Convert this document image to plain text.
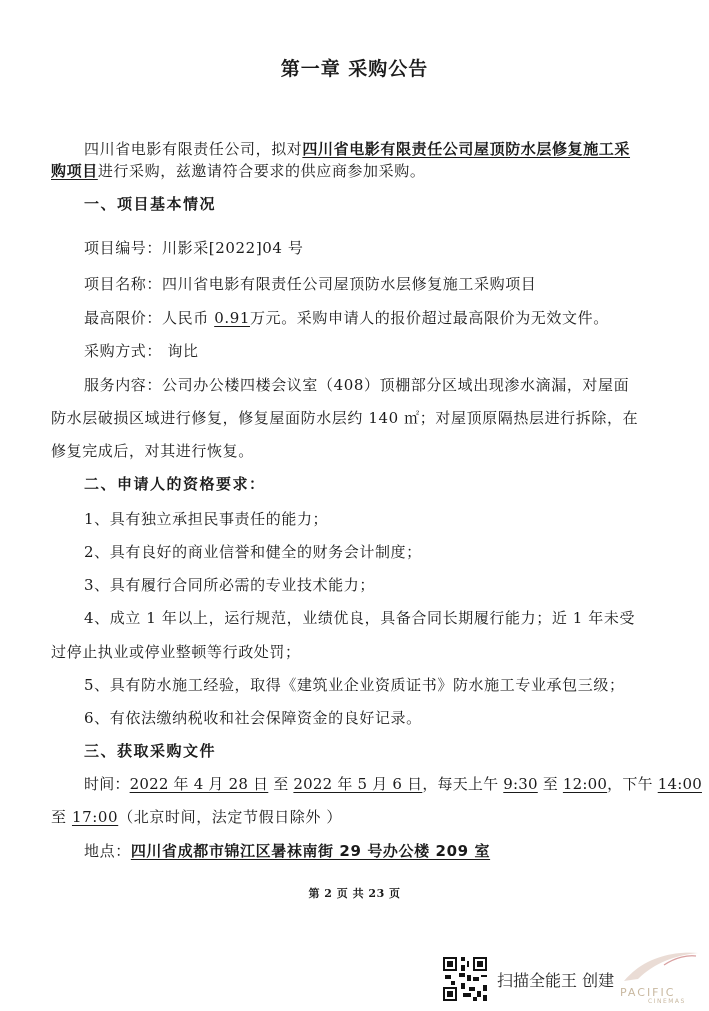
第一章 采购公告
四川省电影有限责任公司，拟对四川省电影有限责任公司屋顶防水层修复施工采
购项目进行采购，兹邀请符合要求的供应商参加采购。
一、项目基本情况
项目编号：川影采[2022]04 号
项目名称：四川省电影有限责任公司屋顶防水层修复施工采购项目
最高限价：人民币 0.91万元。采购申请人的报价超过最高限价为无效文件。
采购方式： 询比
服务内容：公司办公楼四楼会议室（408）顶棚部分区域出现渗水滴漏，对屋面
防水层破损区域进行修复，修复屋面防水层约 140 ㎡；对屋顶原隔热层进行拆除，在
修复完成后，对其进行恢复。
二、申请人的资格要求：
1、具有独立承担民事责任的能力；
2、具有良好的商业信誉和健全的财务会计制度；
3、具有履行合同所必需的专业技术能力；
4、成立 1 年以上，运行规范，业绩优良，具备合同长期履行能力；近 1 年未受
过停止执业或停业整顿等行政处罚；
5、具有防水施工经验，取得《建筑业企业资质证书》防水施工专业承包三级；
6、有依法缴纳税收和社会保障资金的良好记录。
三、获取采购文件
时间：2022 年 4 月 28 日 至 2022 年 5 月 6 日，每天上午 9:30 至 12:00，下午 14:00
至 17:00（北京时间，法定节假日除外 ）
地点：四川省成都市锦江区暑袜南街 29 号办公楼 209 室
第 2 页 共 23 页
扫描全能王 创建
PACIFIC
CINEMAS
